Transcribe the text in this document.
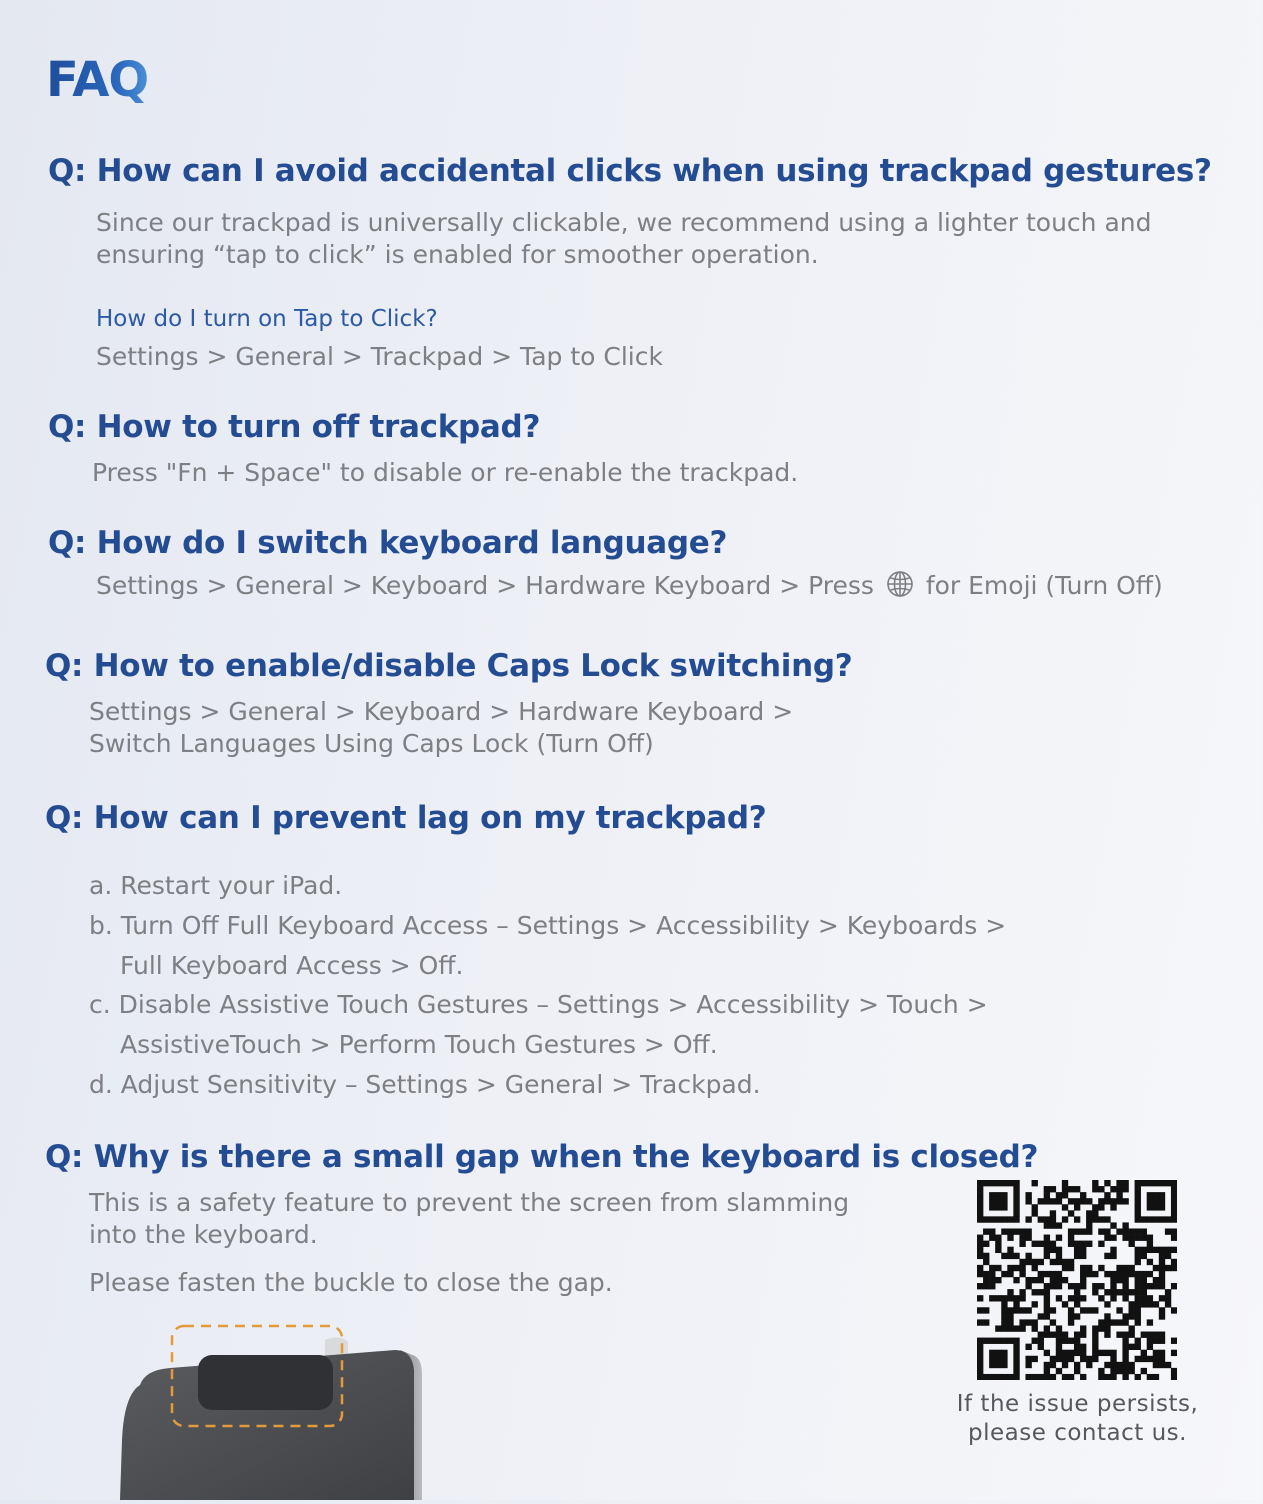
FAQ
Q: How can I avoid accidental clicks when using trackpad gestures?

Since our trackpad is universally clickable, we recommend using a lighter touch and

ensuring “tap to click” is enabled for smoother operation.

How do I turn on Tap to Click?

Settings > General > Trackpad > Tap to Click

Q: How to turn off trackpad?

Press "Fn + Space" to disable or re-enable the trackpad.

Q: How do I switch keyboard language?

Settings > General > Keyboard > Hardware Keyboard > Press for Emoji (Turn Off)

Q: How to enable/disable Caps Lock switching?

Settings > General > Keyboard > Hardware Keyboard >

Switch Languages Using Caps Lock (Turn Off)

Q: How can I prevent lag on my trackpad?
a. Restart your iPad.
b. Turn Off Full Keyboard Access – Settings > Accessibility > Keyboards >
Full Keyboard Access > Off.
c. Disable Assistive Touch Gestures – Settings > Accessibility > Touch >
AssistiveTouch > Perform Touch Gestures > Off.
d. Adjust Sensitivity – Settings > General > Trackpad.
Q: Why is there a small gap when the keyboard is closed?

This is a safety feature to prevent the screen from slamming

into the keyboard.

Please fasten the buckle to close the gap.

If the issue persists,
please contact us.
